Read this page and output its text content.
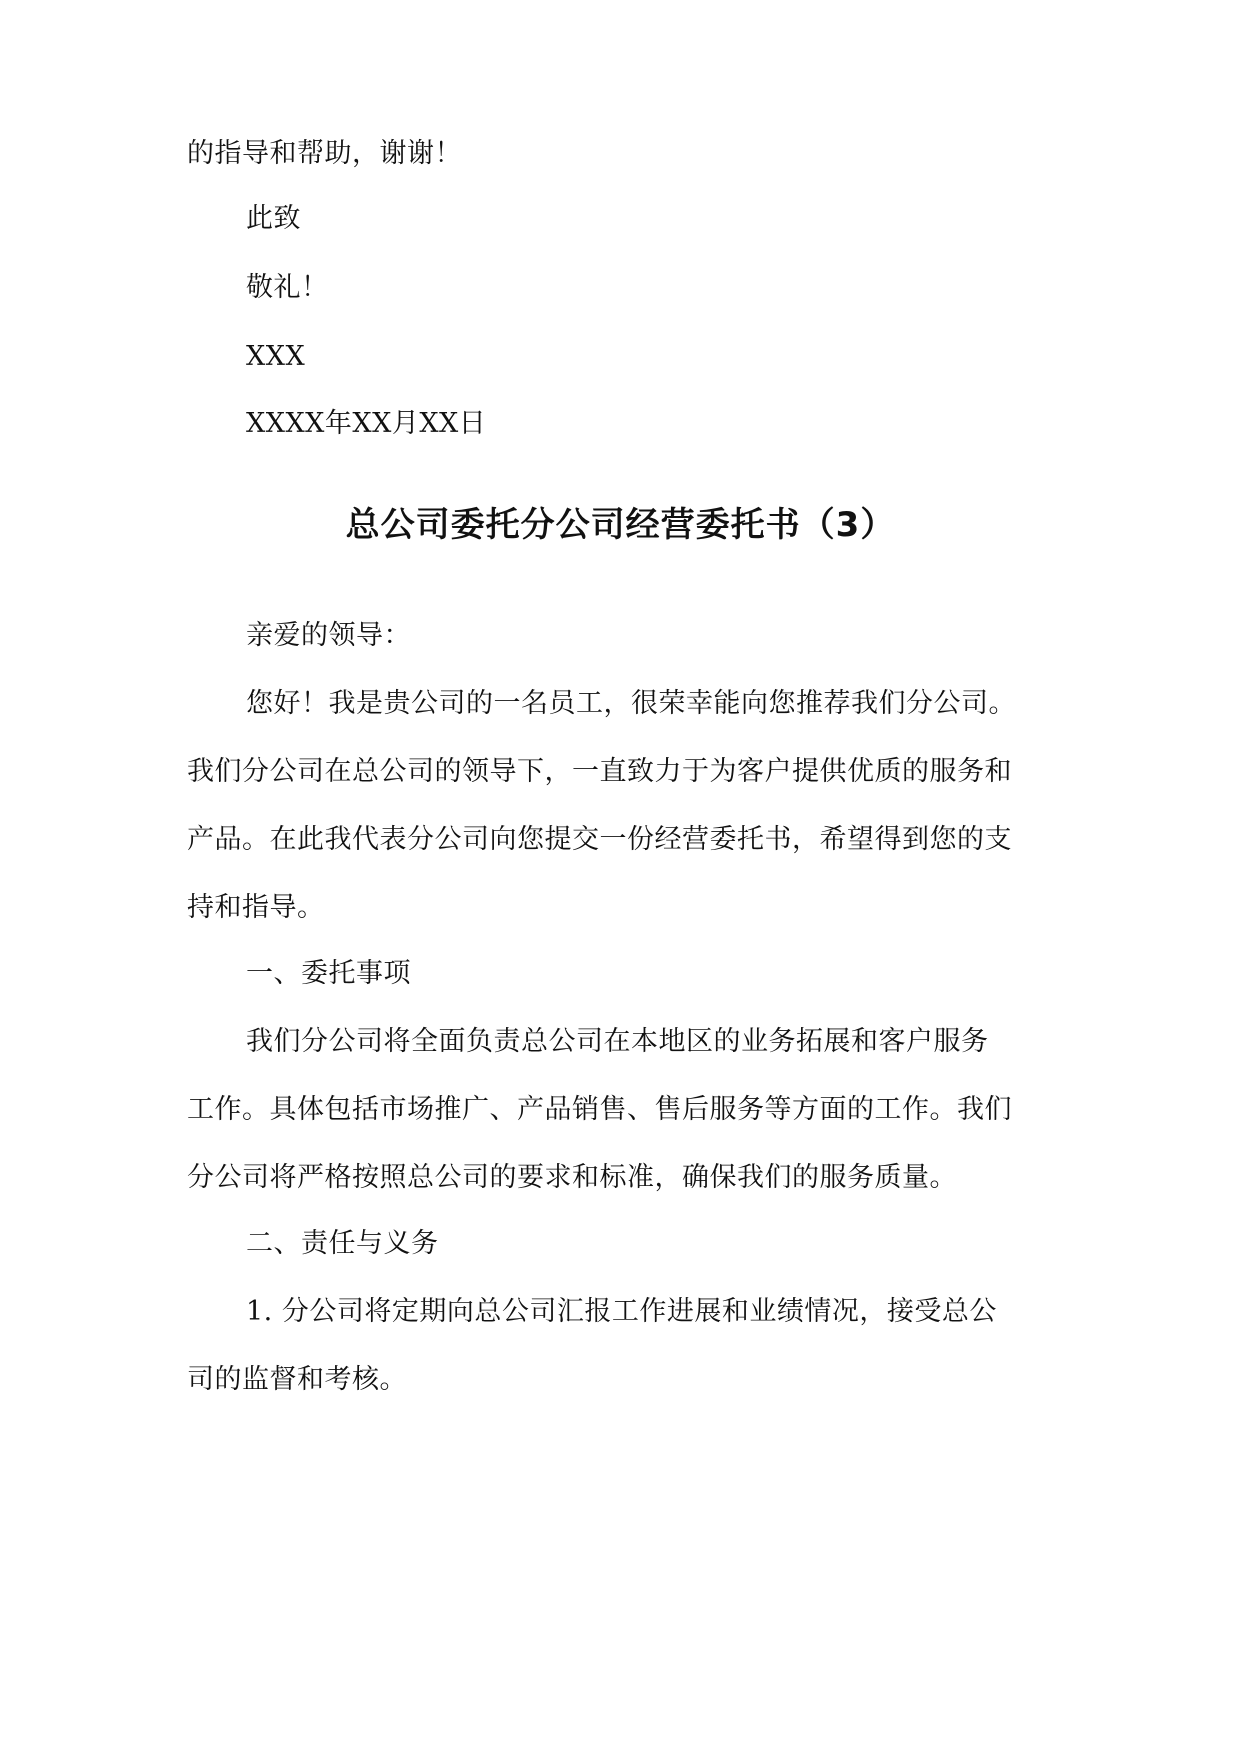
的指导和帮助，谢谢！
此致
敬礼！
XXX
XXXX年XX月XX日
总公司委托分公司经营委托书（3）
亲爱的领导：
您好！我是贵公司的一名员工，很荣幸能向您推荐我们分公司。
我们分公司在总公司的领导下，一直致力于为客户提供优质的服务和
产品。在此我代表分公司向您提交一份经营委托书，希望得到您的支
持和指导。
一、委托事项
我们分公司将全面负责总公司在本地区的业务拓展和客户服务
工作。具体包括市场推广、产品销售、售后服务等方面的工作。我们
分公司将严格按照总公司的要求和标准，确保我们的服务质量。
二、责任与义务
1. 分公司将定期向总公司汇报工作进展和业绩情况，接受总公
司的监督和考核。
